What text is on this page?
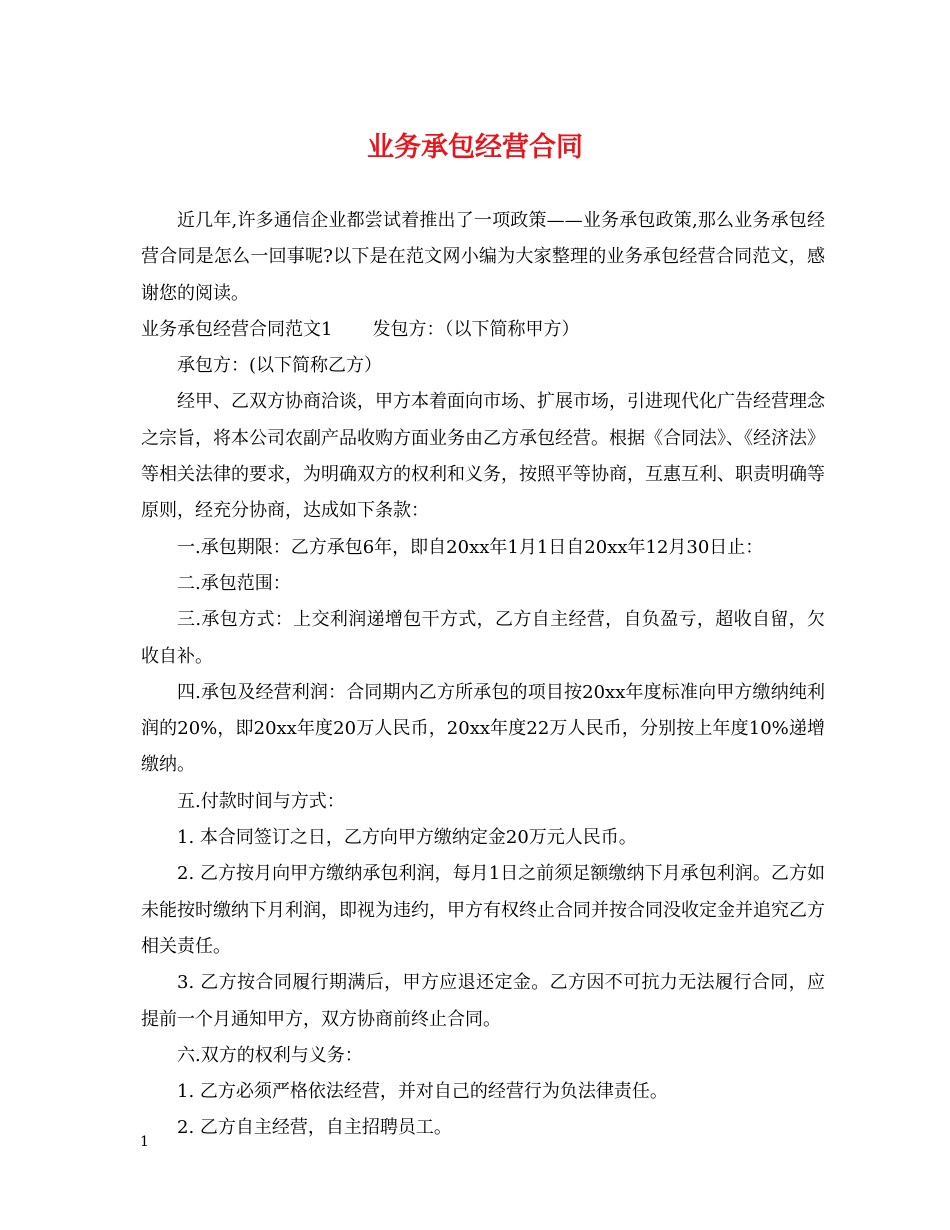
业务承包经营合同

近几年,许多通信企业都尝试着推出了一项政策——业务承包政策,那么业务承包经营合同是怎么一回事呢?以下是在范文网小编为大家整理的业务承包经营合同范文，感谢您的阅读。

业务承包经营合同范文1 发包方：（以下简称甲方）

承包方：(以下简称乙方）

经甲、乙双方协商洽谈，甲方本着面向市场、扩展市场，引进现代化广告经营理念之宗旨，将本公司农副产品收购方面业务由乙方承包经营。根据《合同法》、《经济法》等相关法律的要求，为明确双方的权利和义务，按照平等协商，互惠互利、职责明确等原则，经充分协商，达成如下条款：

一.承包期限：乙方承包6年，即自20xx年1月1日自20xx年12月30日止：

二.承包范围：

三.承包方式：上交利润递增包干方式，乙方自主经营，自负盈亏，超收自留，欠收自补。

四.承包及经营利润：合同期内乙方所承包的项目按20xx年度标准向甲方缴纳纯利润的20%，即20xx年度20万人民币，20xx年度22万人民币，分别按上年度10%递增缴纳。

五.付款时间与方式：

1. 本合同签订之日，乙方向甲方缴纳定金20万元人民币。

2. 乙方按月向甲方缴纳承包利润，每月1日之前须足额缴纳下月承包利润。乙方如未能按时缴纳下月利润，即视为违约，甲方有权终止合同并按合同没收定金并追究乙方相关责任。

3. 乙方按合同履行期满后，甲方应退还定金。乙方因不可抗力无法履行合同，应提前一个月通知甲方，双方协商前终止合同。

六.双方的权利与义务：

1. 乙方必须严格依法经营，并对自己的经营行为负法律责任。

2. 乙方自主经营，自主招聘员工。

1
